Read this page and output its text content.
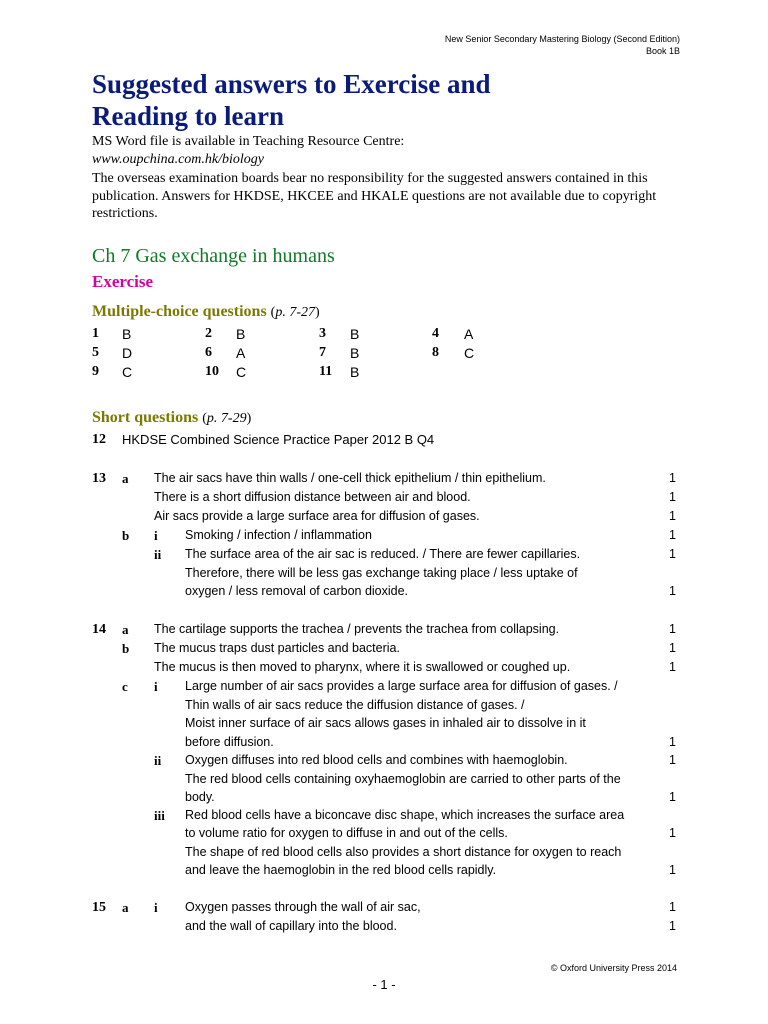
New Senior Secondary Mastering Biology (Second Edition)
Book 1B
Suggested answers to Exercise and
Reading to learn
MS Word file is available in Teaching Resource Centre:
www.oupchina.com.hk/biology
The overseas examination boards bear no responsibility for the suggested answers contained in this publication. Answers for HKDSE, HKCEE and HKALE questions are not available due to copyright restrictions.
Ch 7 Gas exchange in humans
Exercise
Multiple-choice questions (p. 7-27)
1 B	2 B	3 B	4 A
5 D	6 A	7 B	8 C
9 C	10 C	11 B
Short questions (p. 7-29)
12 HKDSE Combined Science Practice Paper 2012 B Q4
13 a The air sacs have thin walls / one-cell thick epithelium / thin epithelium.	1
There is a short diffusion distance between air and blood.	1
Air sacs provide a large surface area for diffusion of gases.	1
b i Smoking / infection / inflammation	1
ii The surface area of the air sac is reduced. / There are fewer capillaries.	1
Therefore, there will be less gas exchange taking place / less uptake of
oxygen / less removal of carbon dioxide.	1
14 a The cartilage supports the trachea / prevents the trachea from collapsing.	1
b The mucus traps dust particles and bacteria.	1
The mucus is then moved to pharynx, where it is swallowed or coughed up.	1
c i Large number of air sacs provides a large surface area for diffusion of gases. /
Thin walls of air sacs reduce the diffusion distance of gases. /
Moist inner surface of air sacs allows gases in inhaled air to dissolve in it
before diffusion.	1
ii Oxygen diffuses into red blood cells and combines with haemoglobin.	1
The red blood cells containing oxyhaemoglobin are carried to other parts of the
body.	1
iii Red blood cells have a biconcave disc shape, which increases the surface area
to volume ratio for oxygen to diffuse in and out of the cells.	1
The shape of red blood cells also provides a short distance for oxygen to reach
and leave the haemoglobin in the red blood cells rapidly.	1
15 a i Oxygen passes through the wall of air sac,	1
and the wall of capillary into the blood.	1
© Oxford University Press 2014
- 1 -
